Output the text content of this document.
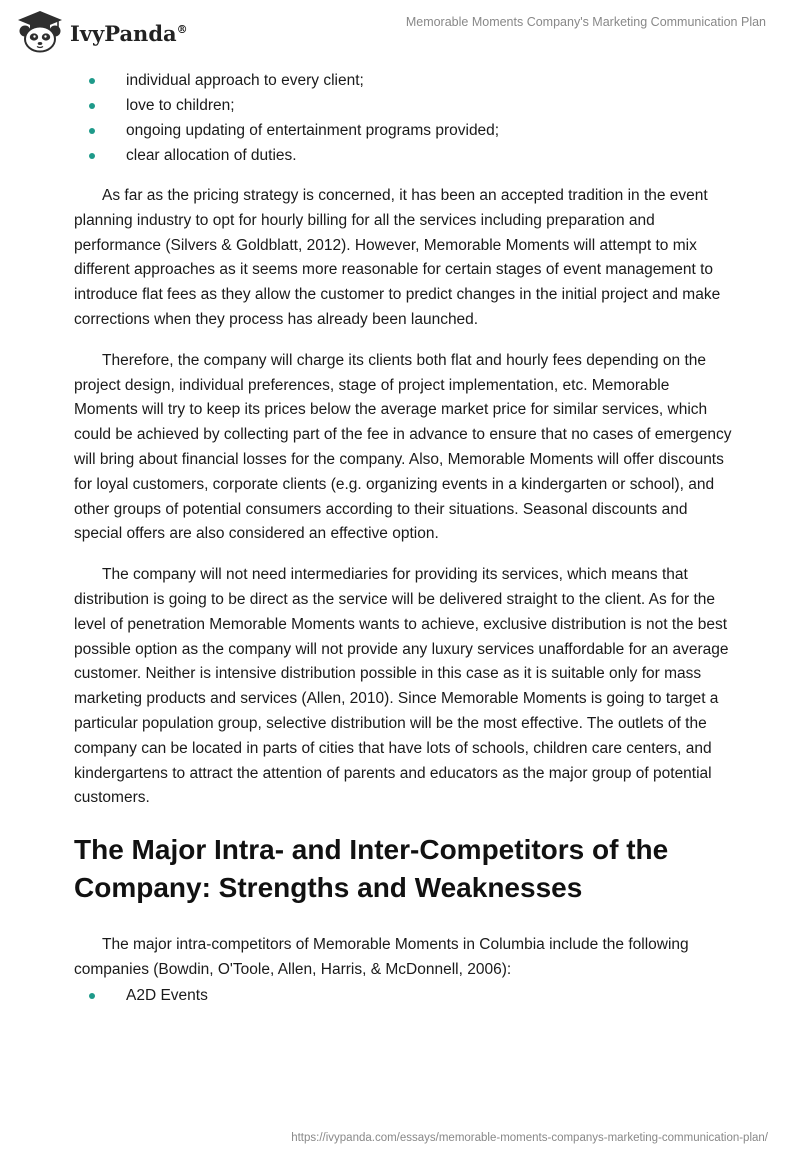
IvyPanda®	Memorable Moments Company's Marketing Communication Plan
individual approach to every client;
love to children;
ongoing updating of entertainment programs provided;
clear allocation of duties.

As far as the pricing strategy is concerned, it has been an accepted tradition in the event planning industry to opt for hourly billing for all the services including preparation and performance (Silvers & Goldblatt, 2012). However, Memorable Moments will attempt to mix different approaches as it seems more reasonable for certain stages of event management to introduce flat fees as they allow the customer to predict changes in the initial project and make corrections when they process has already been launched.

Therefore, the company will charge its clients both flat and hourly fees depending on the project design, individual preferences, stage of project implementation, etc. Memorable Moments will try to keep its prices below the average market price for similar services, which could be achieved by collecting part of the fee in advance to ensure that no cases of emergency will bring about financial losses for the company. Also, Memorable Moments will offer discounts for loyal customers, corporate clients (e.g. organizing events in a kindergarten or school), and other groups of potential consumers according to their situations. Seasonal discounts and special offers are also considered an effective option.

The company will not need intermediaries for providing its services, which means that distribution is going to be direct as the service will be delivered straight to the client. As for the level of penetration Memorable Moments wants to achieve, exclusive distribution is not the best possible option as the company will not provide any luxury services unaffordable for an average customer. Neither is intensive distribution possible in this case as it is suitable only for mass marketing products and services (Allen, 2010). Since Memorable Moments is going to target a particular population group, selective distribution will be the most effective. The outlets of the company can be located in parts of cities that have lots of schools, children care centers, and kindergartens to attract the attention of parents and educators as the major group of potential customers.

The Major Intra- and Inter-Competitors of the Company: Strengths and Weaknesses

The major intra-competitors of Memorable Moments in Columbia include the following companies (Bowdin, O'Toole, Allen, Harris, & McDonnell, 2006):

A2D Events
https://ivypanda.com/essays/memorable-moments-companys-marketing-communication-plan/
